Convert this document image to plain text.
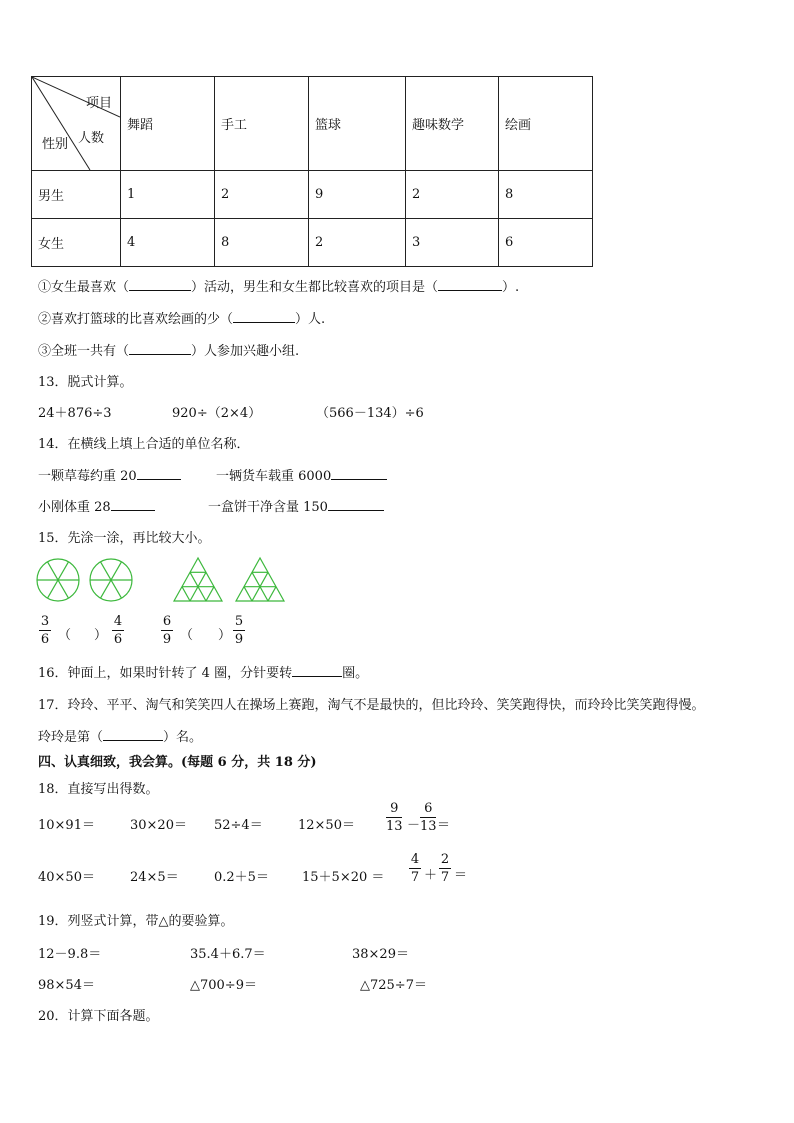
项目
人数
性别	舞蹈	手工	篮球	趣味数学	绘画
男生	1	2	9	2	8
女生	4	8	2	3	6
①女生最喜欢（	）活动，男生和女生都比较喜欢的项目是（	）.
②喜欢打篮球的比喜欢绘画的少（	）人.
③全班一共有（	）人参加兴趣小组.
13．脱式计算。
24＋876÷3	920÷（2×4）	（566－134）÷6
14．在横线上填上合适的单位名称．
一颗草莓约重 20	一辆货车载重 6000
小刚体重 28	一盒饼干净含量 150
15．先涂一涂，再比较大小。
3
6 （ ）
4
6
6
9 （ ）
5
9
16．钟面上，如果时针转了 4 圈，分针要转	圈。
17．玲玲、平平、淘气和笑笑四人在操场上赛跑，淘气不是最快的，但比玲玲、笑笑跑得快，而玲玲比笑笑跑得慢。
玲玲是第（	）名。
四、认真细致，我会算。(每题 6 分，共 18 分)
18．直接写出得数。
10×91＝	30×20＝ 52÷4＝	12×50＝
9
13 －
6
13 ＝
40×50＝	24×5＝	0.2＋5＝	15＋5×20 ＝
4
7 ＋
2
7 ＝
19．列竖式计算，带△的要验算。
12－9.8＝	35.4＋6.7＝	38×29＝
98×54＝	△700÷9＝	△725÷7＝
20．计算下面各题。
